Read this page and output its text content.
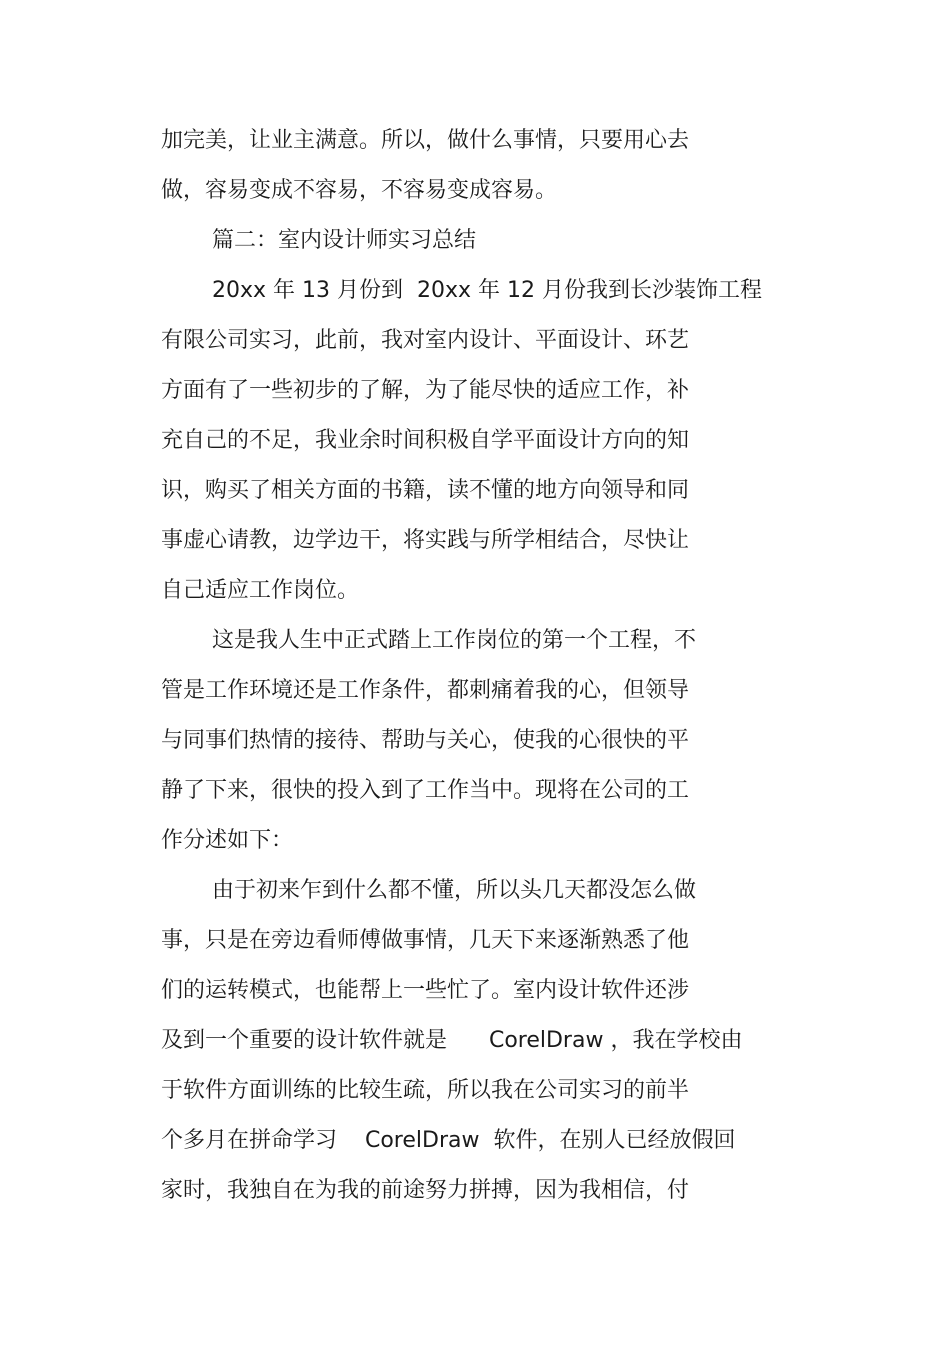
加完美，让业主满意。所以，做什么事情，只要用心去
做，容易变成不容易，不容易变成容易。
篇二：室内设计师实习总结
20xx 年 13 月份到  20xx 年 12 月份我到长沙装饰工程
有限公司实习，此前，我对室内设计、平面设计、环艺
方面有了一些初步的了解，为了能尽快的适应工作，补
充自己的不足，我业余时间积极自学平面设计方向的知
识，购买了相关方面的书籍，读不懂的地方向领导和同
事虚心请教，边学边干，将实践与所学相结合，尽快让
自己适应工作岗位。
这是我人生中正式踏上工作岗位的第一个工程，不
管是工作环境还是工作条件，都刺痛着我的心，但领导
与同事们热情的接待、帮助与关心，使我的心很快的平
静了下来，很快的投入到了工作当中。现将在公司的工
作分述如下：
由于初来乍到什么都不懂，所以头几天都没怎么做
事，只是在旁边看师傅做事情，几天下来逐渐熟悉了他
们的运转模式，也能帮上一些忙了。室内设计软件还涉
及到一个重要的设计软件就是      CorelDraw ，我在学校由
于软件方面训练的比较生疏，所以我在公司实习的前半
个多月在拼命学习    CorelDraw  软件，在别人已经放假回
家时，我独自在为我的前途努力拼搏，因为我相信，付
